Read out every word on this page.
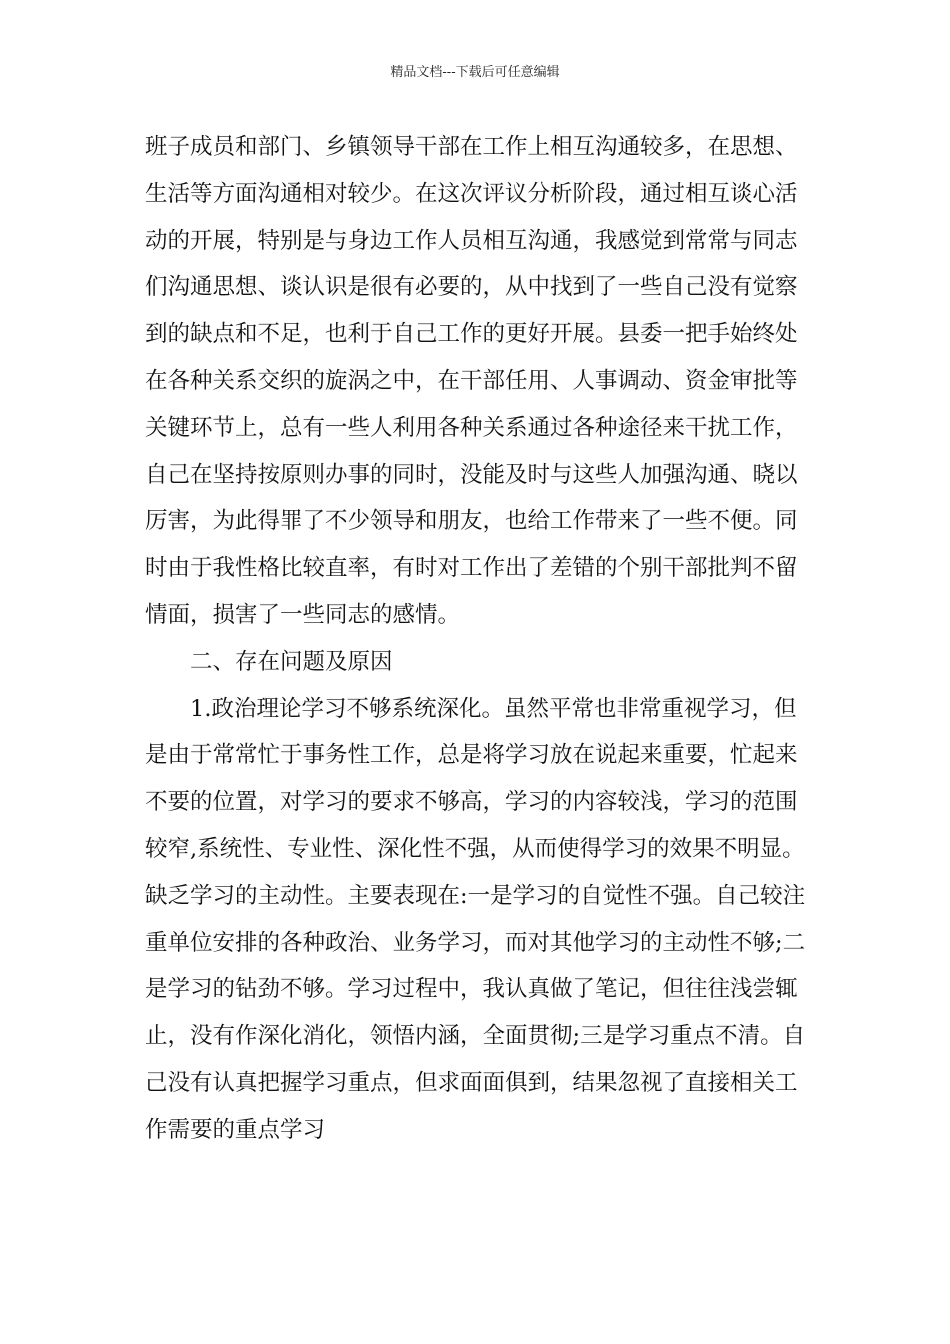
精品文档---下载后可任意编辑
班子成员和部门、乡镇领导干部在工作上相互沟通较多，在思想、
生活等方面沟通相对较少。在这次评议分析阶段，通过相互谈心活
动的开展，特别是与身边工作人员相互沟通，我感觉到常常与同志
们沟通思想、谈认识是很有必要的，从中找到了一些自己没有觉察
到的缺点和不足，也利于自己工作的更好开展。县委一把手始终处
在各种关系交织的旋涡之中，在干部任用、人事调动、资金审批等
关键环节上，总有一些人利用各种关系通过各种途径来干扰工作，
自己在坚持按原则办事的同时，没能及时与这些人加强沟通、晓以
厉害，为此得罪了不少领导和朋友，也给工作带来了一些不便。同
时由于我性格比较直率，有时对工作出了差错的个别干部批判不留
情面，损害了一些同志的感情。
二、存在问题及原因
1.政治理论学习不够系统深化。虽然平常也非常重视学习，但
是由于常常忙于事务性工作，总是将学习放在说起来重要，忙起来
不要的位置，对学习的要求不够高，学习的内容较浅，学习的范围
较窄,系统性、专业性、深化性不强，从而使得学习的效果不明显。
缺乏学习的主动性。主要表现在:一是学习的自觉性不强。自己较注
重单位安排的各种政治、业务学习，而对其他学习的主动性不够;二
是学习的钻劲不够。学习过程中，我认真做了笔记，但往往浅尝辄
止，没有作深化消化，领悟内涵，全面贯彻;三是学习重点不清。自
己没有认真把握学习重点，但求面面俱到，结果忽视了直接相关工
作需要的重点学习
